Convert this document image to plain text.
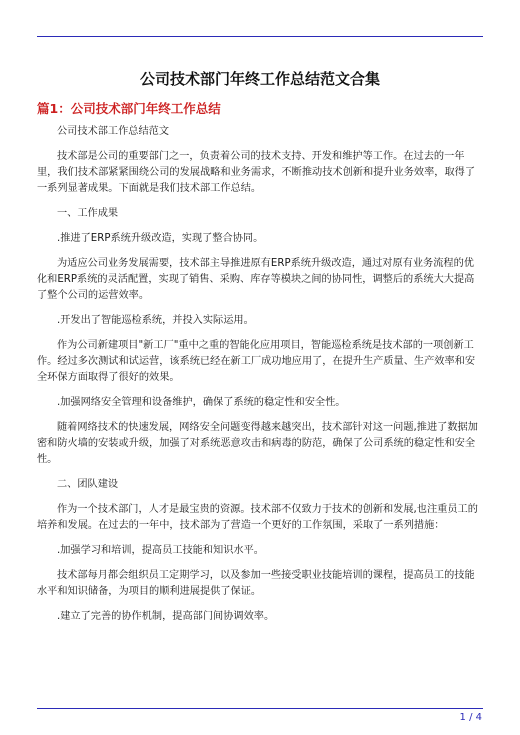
公司技术部门年终工作总结范文合集
篇1：公司技术部门年终工作总结

公司技术部工作总结范文

技术部是公司的重要部门之一，负责着公司的技术支持、开发和维护等工作。在过去的一年里，我们技术部紧紧围绕公司的发展战略和业务需求，不断推动技术创新和提升业务效率，取得了一系列显著成果。下面就是我们技术部工作总结。

一、工作成果

.推进了ERP系统升级改造，实现了整合协同。

为适应公司业务发展需要，技术部主导推进原有ERP系统升级改造，通过对原有业务流程的优化和ERP系统的灵活配置，实现了销售、采购、库存等模块之间的协同性，调整后的系统大大提高了整个公司的运营效率。

.开发出了智能巡检系统，并投入实际运用。

作为公司新建项目"新工厂"重中之重的智能化应用项目，智能巡检系统是技术部的一项创新工作。经过多次测试和试运营，该系统已经在新工厂成功地应用了，在提升生产质量、生产效率和安全环保方面取得了很好的效果。

.加强网络安全管理和设备维护，确保了系统的稳定性和安全性。

随着网络技术的快速发展，网络安全问题变得越来越突出，技术部针对这一问题,推进了数据加密和防火墙的安装或升级，加强了对系统恶意攻击和病毒的防范，确保了公司系统的稳定性和安全性。

二、团队建设

作为一个技术部门，人才是最宝贵的资源。技术部不仅致力于技术的创新和发展,也注重员工的培养和发展。在过去的一年中，技术部为了营造一个更好的工作氛围，采取了一系列措施：

.加强学习和培训，提高员工技能和知识水平。

技术部每月都会组织员工定期学习，以及参加一些接受职业技能培训的课程，提高员工的技能水平和知识储备，为项目的顺利进展提供了保证。

.建立了完善的协作机制，提高部门间协调效率。

1 / 4
